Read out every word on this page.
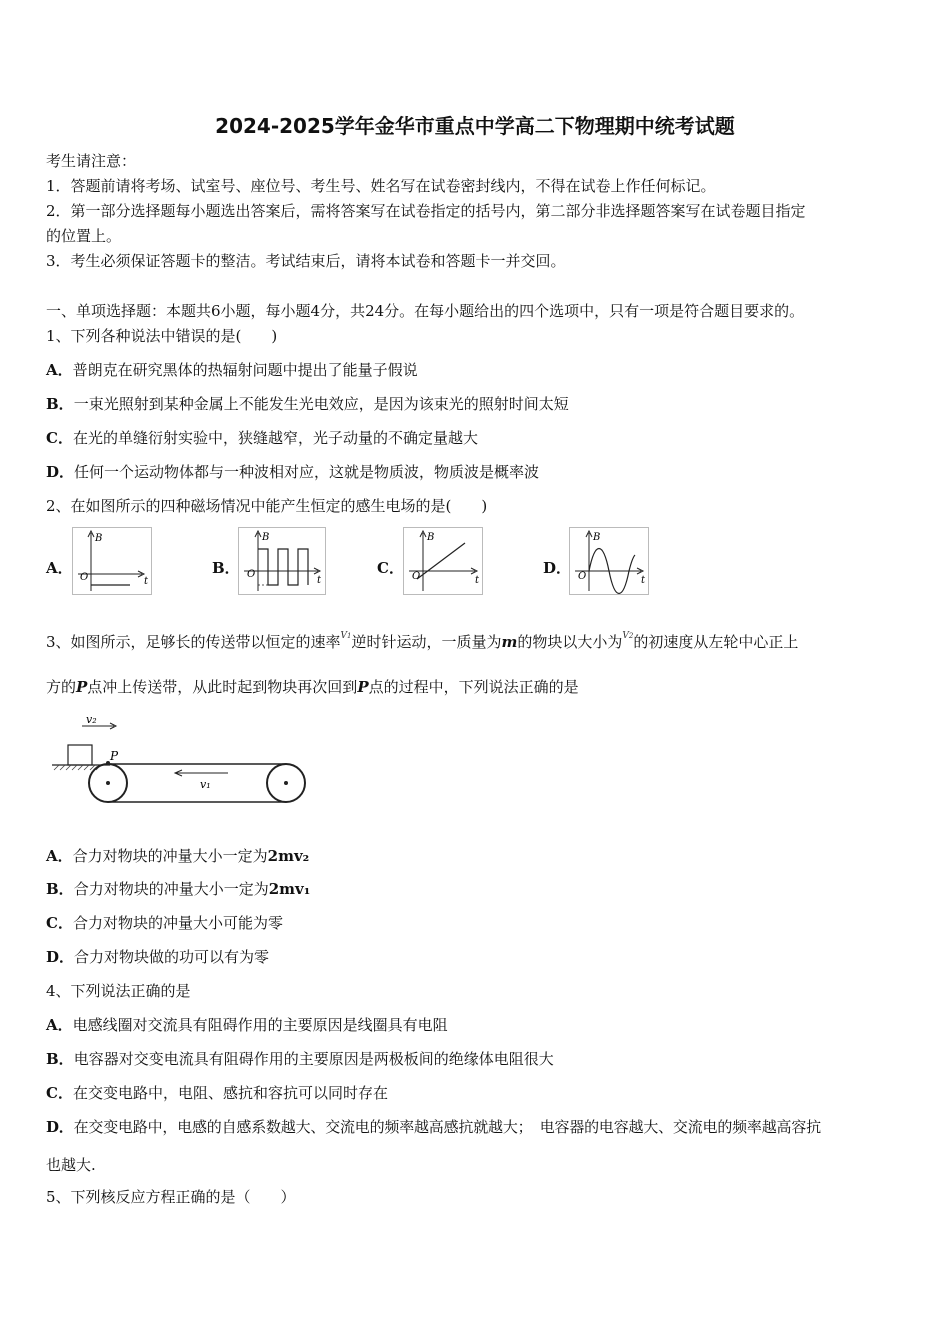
2024-2025学年金华市重点中学高二下物理期中统考试题
考生请注意：
1．答题前请将考场、试室号、座位号、考生号、姓名写在试卷密封线内，不得在试卷上作任何标记。
2．第一部分选择题每小题选出答案后，需将答案写在试卷指定的括号内，第二部分非选择题答案写在试卷题目指定
的位置上。
3．考生必须保证答题卡的整洁。考试结束后，请将本试卷和答题卡一并交回。
一、单项选择题：本题共6小题，每小题4分，共24分。在每小题给出的四个选项中，只有一项是符合题目要求的。
1、下列各种说法中错误的是(　　)
A．普朗克在研究黑体的热辐射问题中提出了能量子假说
B．一束光照射到某种金属上不能发生光电效应，是因为该束光的照射时间太短
C．在光的单缝衍射实验中，狭缝越窄，光子动量的不确定量越大
D．任何一个运动物体都与一种波相对应，这就是物质波，物质波是概率波
2、在如图所示的四种磁场情况中能产生恒定的感生电场的是(　　)
A．
B
O	t
B．
B
O
t
C．
B
O	t
D．
B
O	t
3、如图所示，足够长的传送带以恒定的速率$^{V1}$逆时针运动，一质量为m的物块以大小为$^{V2}$的初速度从左轮中心正上
方的P点冲上传送带，从此时起到物块再次回到P点的过程中，下列说法正确的是
v₂
P
v₁
A．合力对物块的冲量大小一定为2mv₂
B．合力对物块的冲量大小一定为2mv₁
C．合力对物块的冲量大小可能为零
D．合力对物块做的功可以有为零
4、下列说法正确的是
A．电感线圈对交流具有阻碍作用的主要原因是线圈具有电阻
B．电容器对交变电流具有阻碍作用的主要原因是两极板间的绝缘体电阻很大
C．在交变电路中，电阻、感抗和容抗可以同时存在
D．在交变电路中，电感的自感系数越大、交流电的频率越高感抗就越大；　电容器的电容越大、交流电的频率越高容抗
也越大.
5、下列核反应方程正确的是（　　）
